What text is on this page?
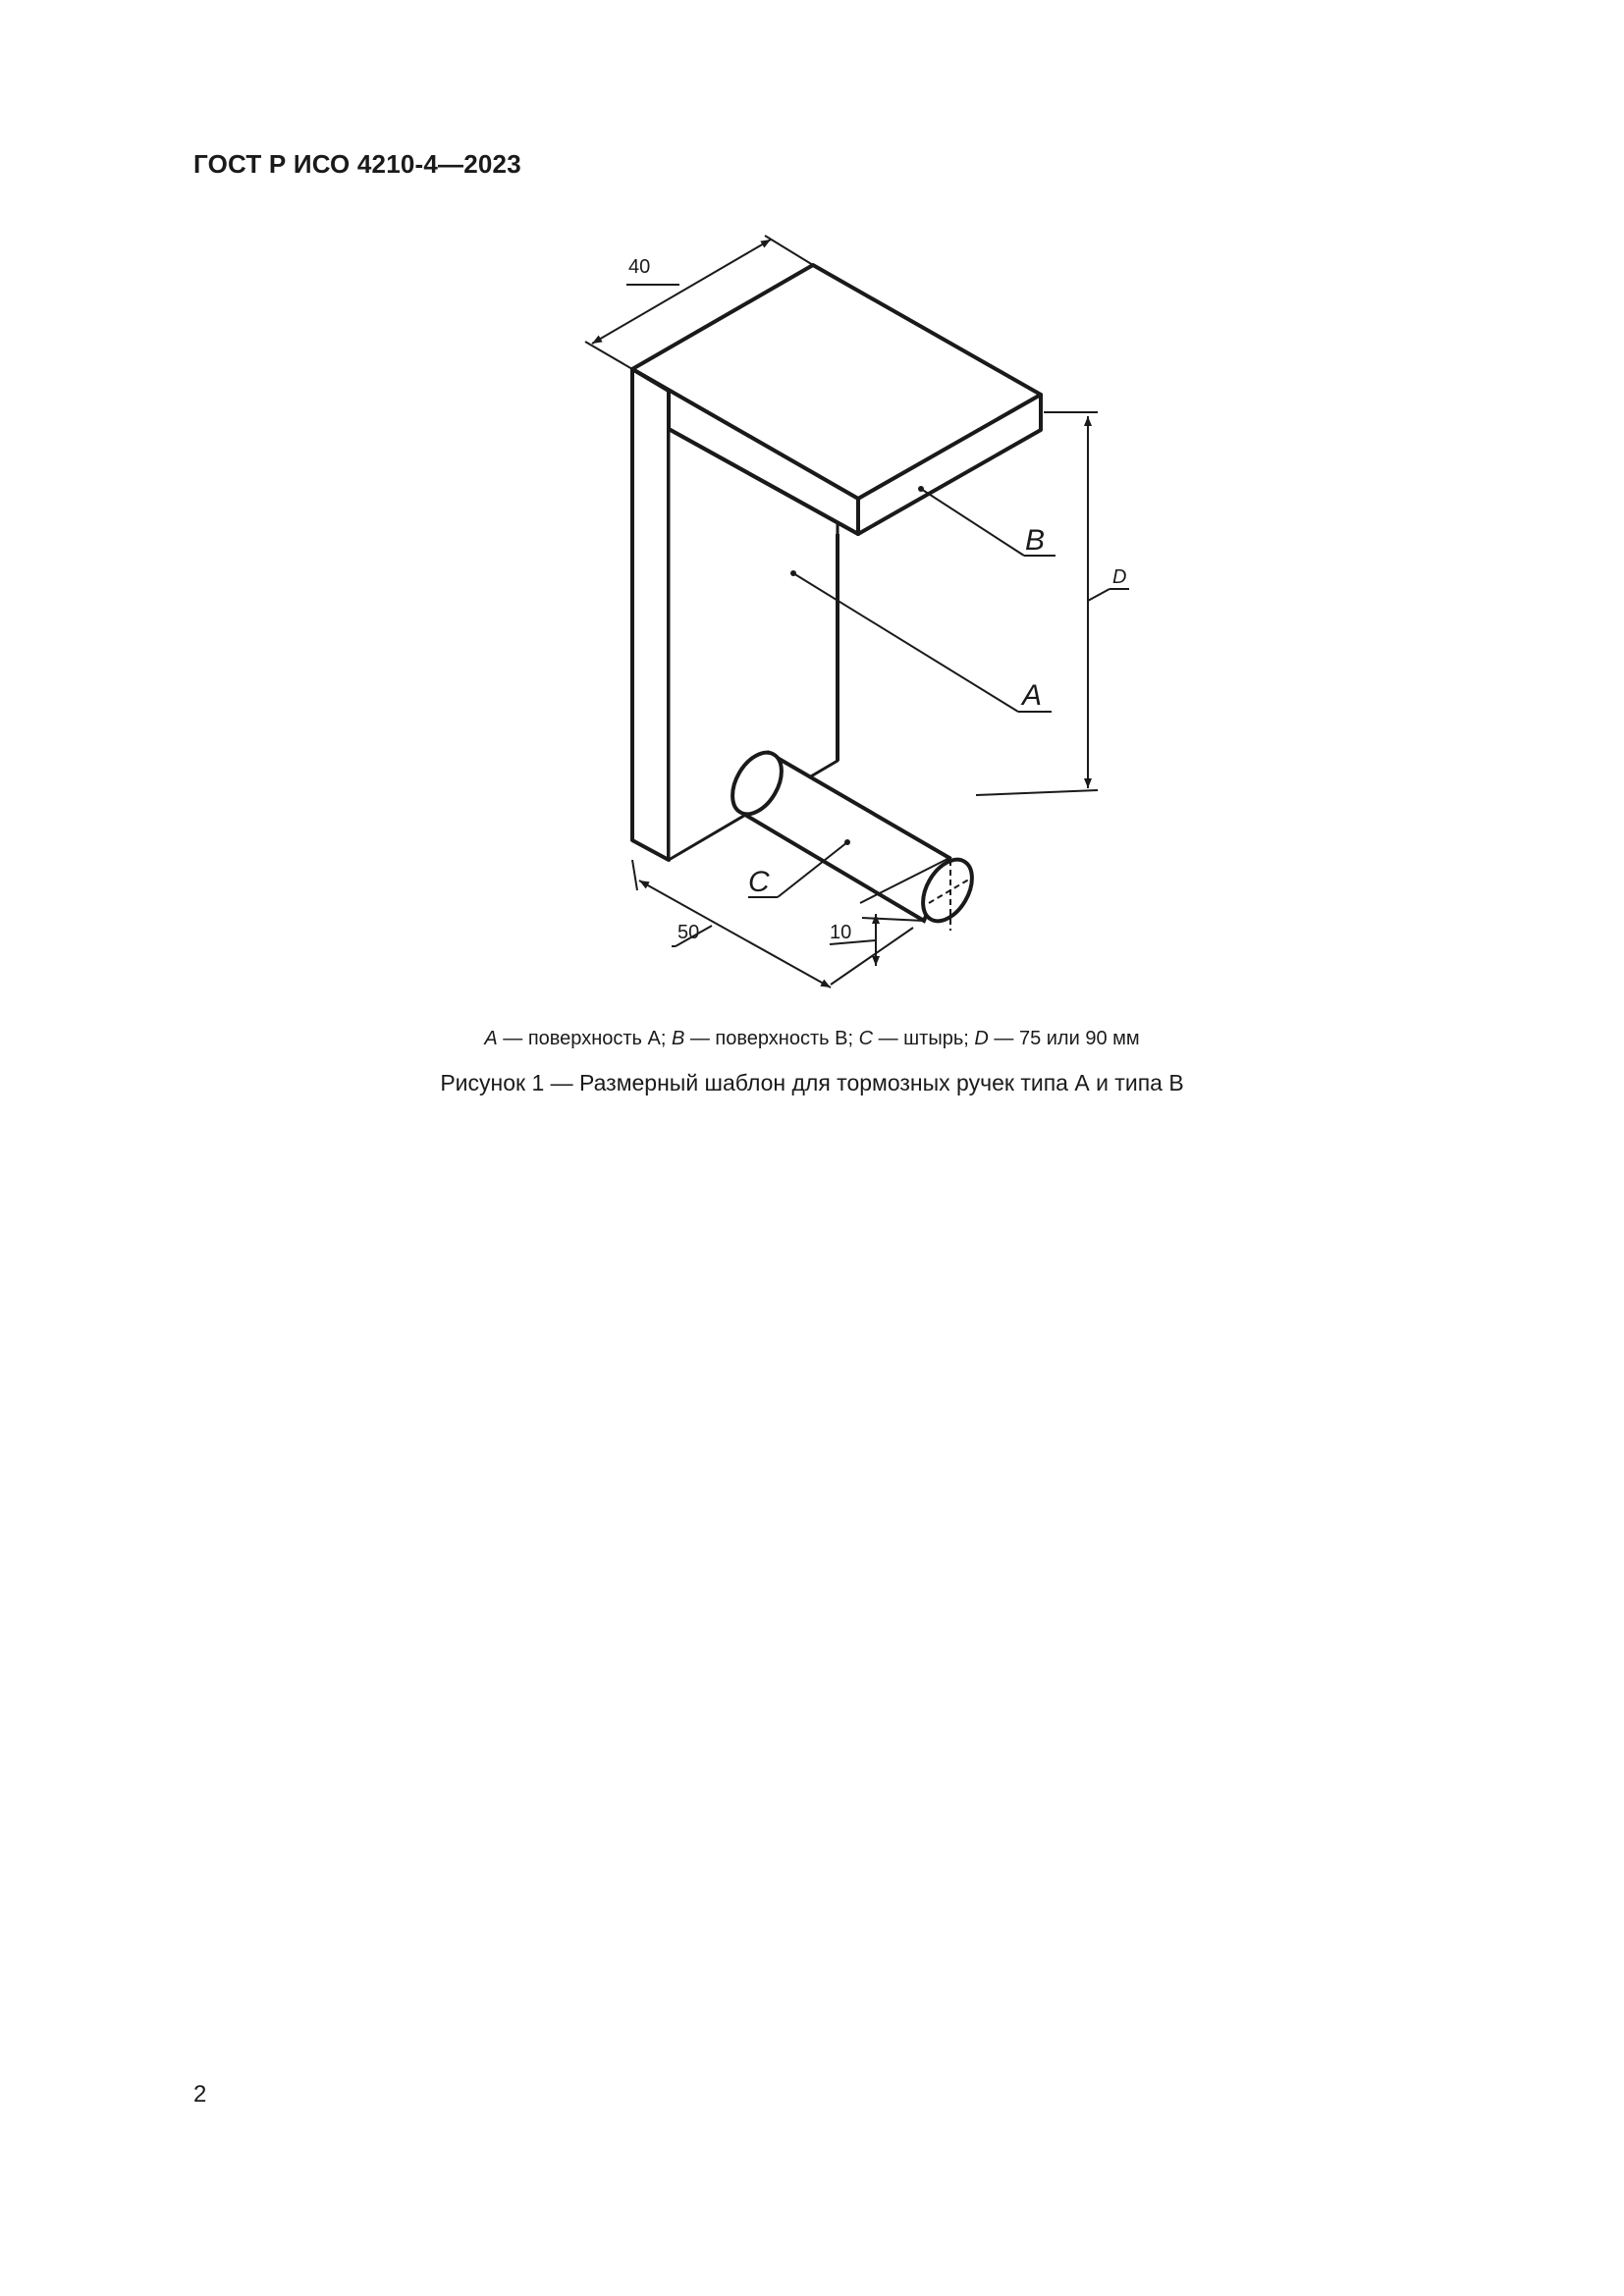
ГОСТ Р ИСО 4210-4—2023
40
D
50	10
B
A
C
A — поверхность А; B — поверхность В; C — штырь; D — 75 или 90 мм
Рисунок 1 — Размерный шаблон для тормозных ручек типа А и типа В
2
